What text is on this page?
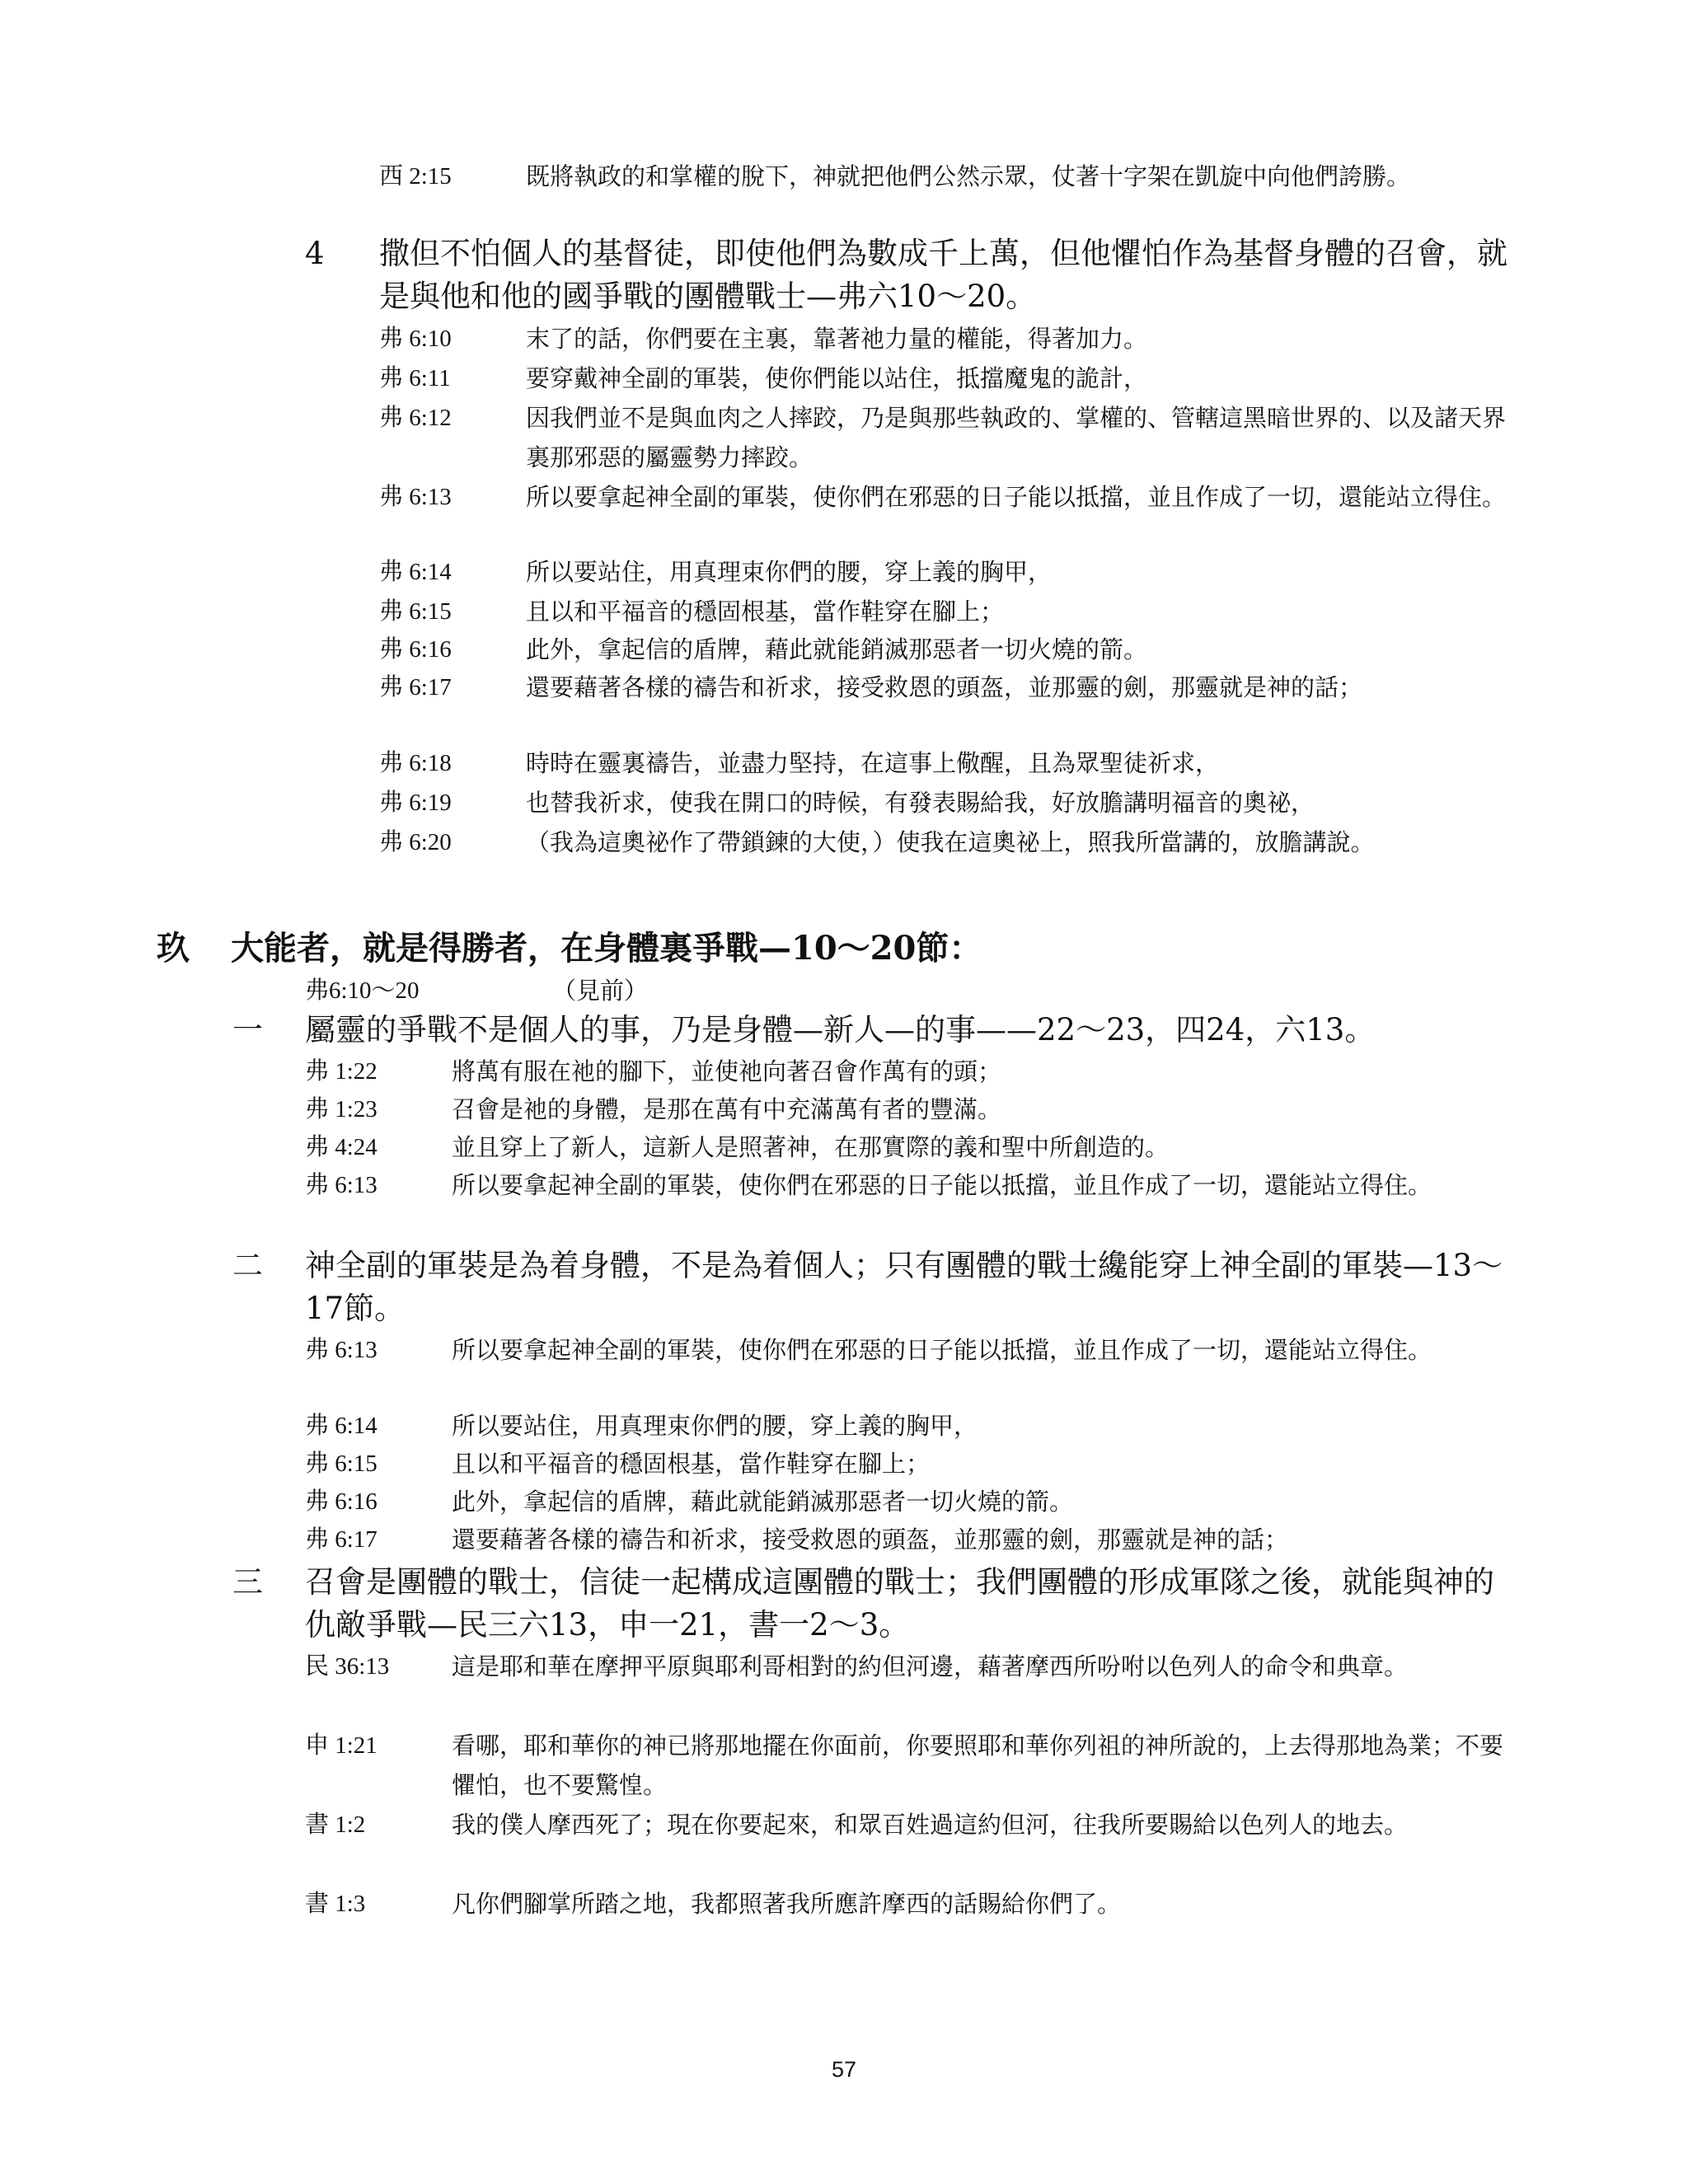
西 2:15	既將執政的和掌權的脫下，神就把他們公然示眾，仗著十字架在凱旋中向他們誇勝。
4	撒但不怕個人的基督徒，即使他們為數成千上萬，但他懼怕作為基督身體的召會，就是與他和他的國爭戰的團體戰士—弗六10～20。
弗 6:10	末了的話，你們要在主裏，靠著祂力量的權能，得著加力。
弗 6:11	要穿戴神全副的軍裝，使你們能以站住，抵擋魔鬼的詭計，
弗 6:12	因我們並不是與血肉之人摔跤，乃是與那些執政的、掌權的、管轄這黑暗世界的、以及諸天界裏那邪惡的屬靈勢力摔跤。
弗 6:13	所以要拿起神全副的軍裝，使你們在邪惡的日子能以抵擋，並且作成了一切，還能站立得住。
弗 6:14	所以要站住，用真理束你們的腰，穿上義的胸甲，
弗 6:15	且以和平福音的穩固根基，當作鞋穿在腳上；
弗 6:16	此外，拿起信的盾牌，藉此就能銷滅那惡者一切火燒的箭。
弗 6:17	還要藉著各樣的禱告和祈求，接受救恩的頭盔，並那靈的劍，那靈就是神的話；
弗 6:18	時時在靈裏禱告，並盡力堅持，在這事上儆醒，且為眾聖徒祈求，
弗 6:19	也替我祈求，使我在開口的時候，有發表賜給我，好放膽講明福音的奧祕，
弗 6:20	（我為這奧祕作了帶鎖鍊的大使，）使我在這奧祕上，照我所當講的，放膽講說。
玖	大能者，就是得勝者，在身體裏爭戰—10～20節：
弗6:10～20	（見前）
一	屬靈的爭戰不是個人的事，乃是身體—新人—的事——22～23，四24，六13。
弗 1:22	將萬有服在祂的腳下，並使祂向著召會作萬有的頭；
弗 1:23	召會是祂的身體，是那在萬有中充滿萬有者的豐滿。
弗 4:24	並且穿上了新人，這新人是照著神，在那實際的義和聖中所創造的。
弗 6:13	所以要拿起神全副的軍裝，使你們在邪惡的日子能以抵擋，並且作成了一切，還能站立得住。
二	神全副的軍裝是為着身體，不是為着個人；只有團體的戰士纔能穿上神全副的軍裝—13～17節。
弗 6:13	所以要拿起神全副的軍裝，使你們在邪惡的日子能以抵擋，並且作成了一切，還能站立得住。
弗 6:14	所以要站住，用真理束你們的腰，穿上義的胸甲，
弗 6:15	且以和平福音的穩固根基，當作鞋穿在腳上；
弗 6:16	此外，拿起信的盾牌，藉此就能銷滅那惡者一切火燒的箭。
弗 6:17	還要藉著各樣的禱告和祈求，接受救恩的頭盔，並那靈的劍，那靈就是神的話；
三	召會是團體的戰士，信徒一起構成這團體的戰士；我們團體的形成軍隊之後，就能與神的仇敵爭戰—民三六13，申一21，書一2～3。
民 36:13	這是耶和華在摩押平原與耶利哥相對的約但河邊，藉著摩西所吩咐以色列人的命令和典章。
申 1:21	看哪，耶和華你的神已將那地擺在你面前，你要照耶和華你列祖的神所說的，上去得那地為業；不要懼怕，也不要驚惶。
書 1:2	我的僕人摩西死了；現在你要起來，和眾百姓過這約但河，往我所要賜給以色列人的地去。
書 1:3	凡你們腳掌所踏之地，我都照著我所應許摩西的話賜給你們了。
57
